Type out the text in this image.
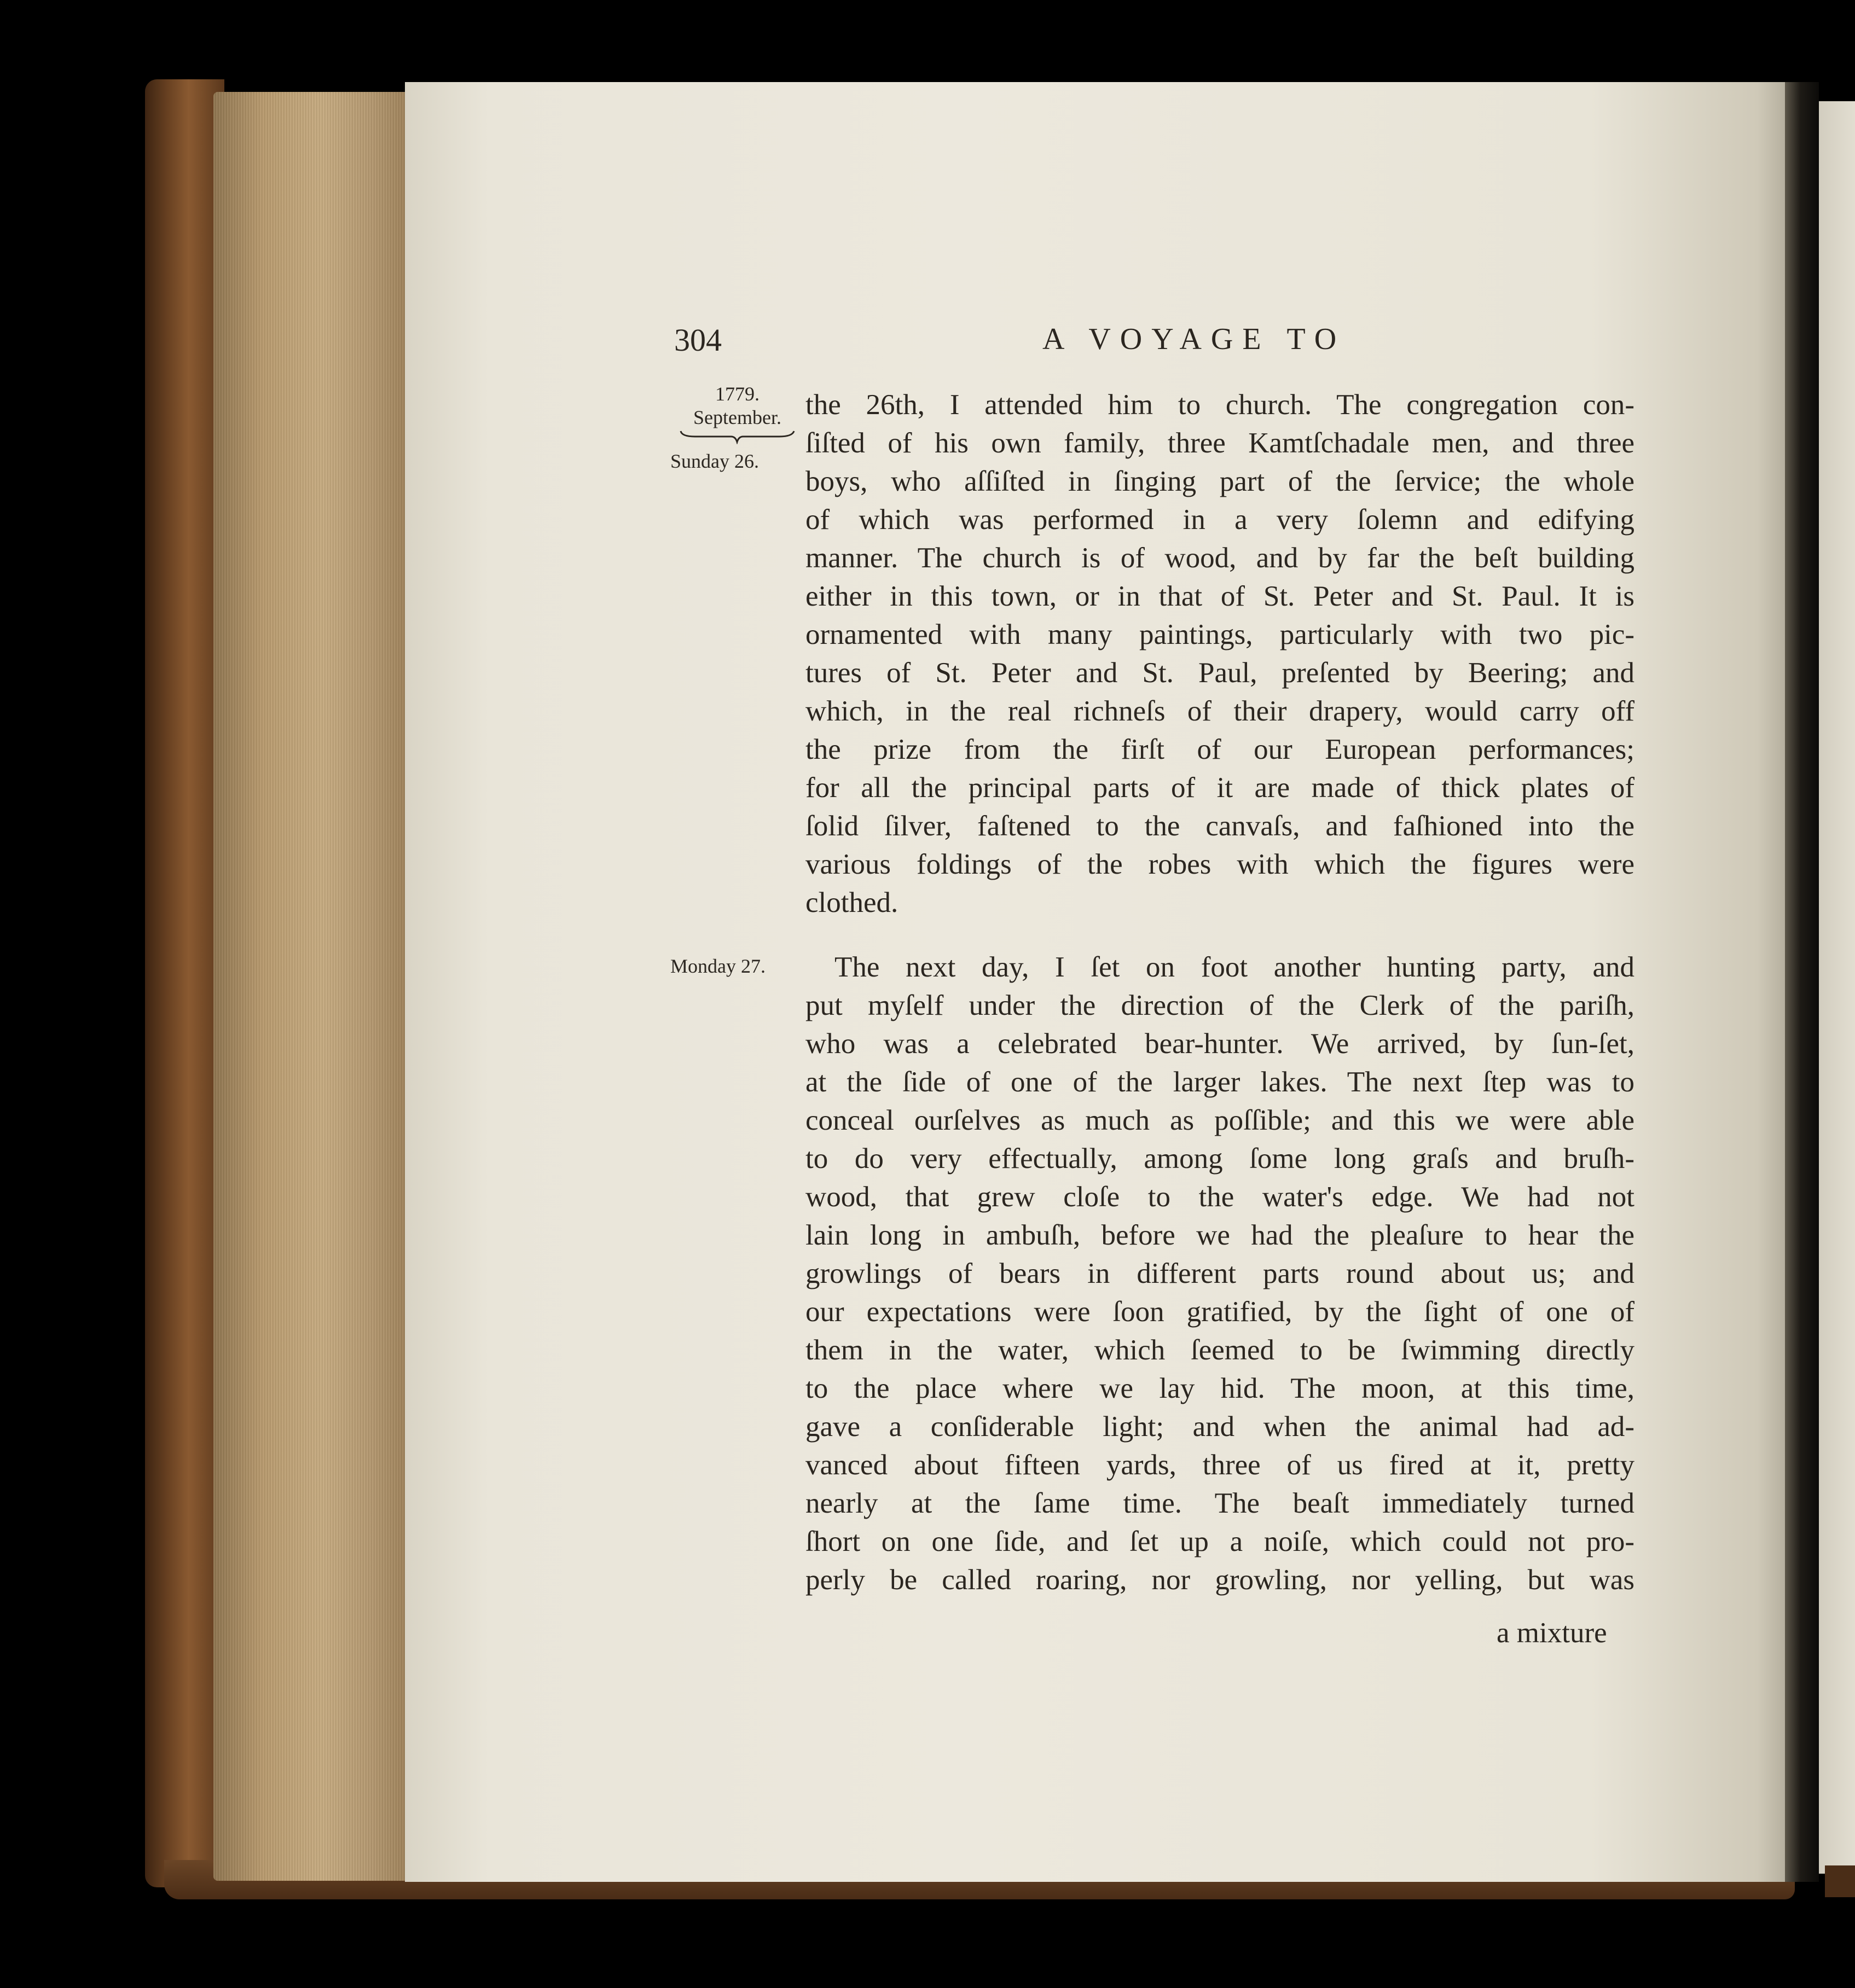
304	A VOYAGE TO
1779.
September.
Sunday 26.
Monday 27.
the 26th, I attended him to church. The congregation con-
ſiſted of his own family, three Kamtſchadale men, and three
boys, who aſſiſted in ſinging part of the ſervice; the whole
of which was performed in a very ſolemn and edifying
manner. The church is of wood, and by far the beſt building
either in this town, or in that of St. Peter and St. Paul. It is
ornamented with many paintings, particularly with two pic-
tures of St. Peter and St. Paul, preſented by Beering; and
which, in the real richneſs of their drapery, would carry off
the prize from the firſt of our European performances;
for all the principal parts of it are made of thick plates of
ſolid ſilver, faſtened to the canvaſs, and faſhioned into the
various foldings of the robes with which the figures were
clothed.
The next day, I ſet on foot another hunting party, and
put myſelf under the direction of the Clerk of the pariſh,
who was a celebrated bear-hunter. We arrived, by ſun-ſet,
at the ſide of one of the larger lakes. The next ſtep was to
conceal ourſelves as much as poſſible; and this we were able
to do very effectually, among ſome long graſs and bruſh-
wood, that grew cloſe to the water's edge. We had not
lain long in ambuſh, before we had the pleaſure to hear the
growlings of bears in different parts round about us; and
our expectations were ſoon gratified, by the ſight of one of
them in the water, which ſeemed to be ſwimming directly
to the place where we lay hid. The moon, at this time,
gave a conſiderable light; and when the animal had ad-
vanced about fifteen yards, three of us fired at it, pretty
nearly at the ſame time. The beaſt immediately turned
ſhort on one ſide, and ſet up a noiſe, which could not pro-
perly be called roaring, nor growling, nor yelling, but was
a mixture
